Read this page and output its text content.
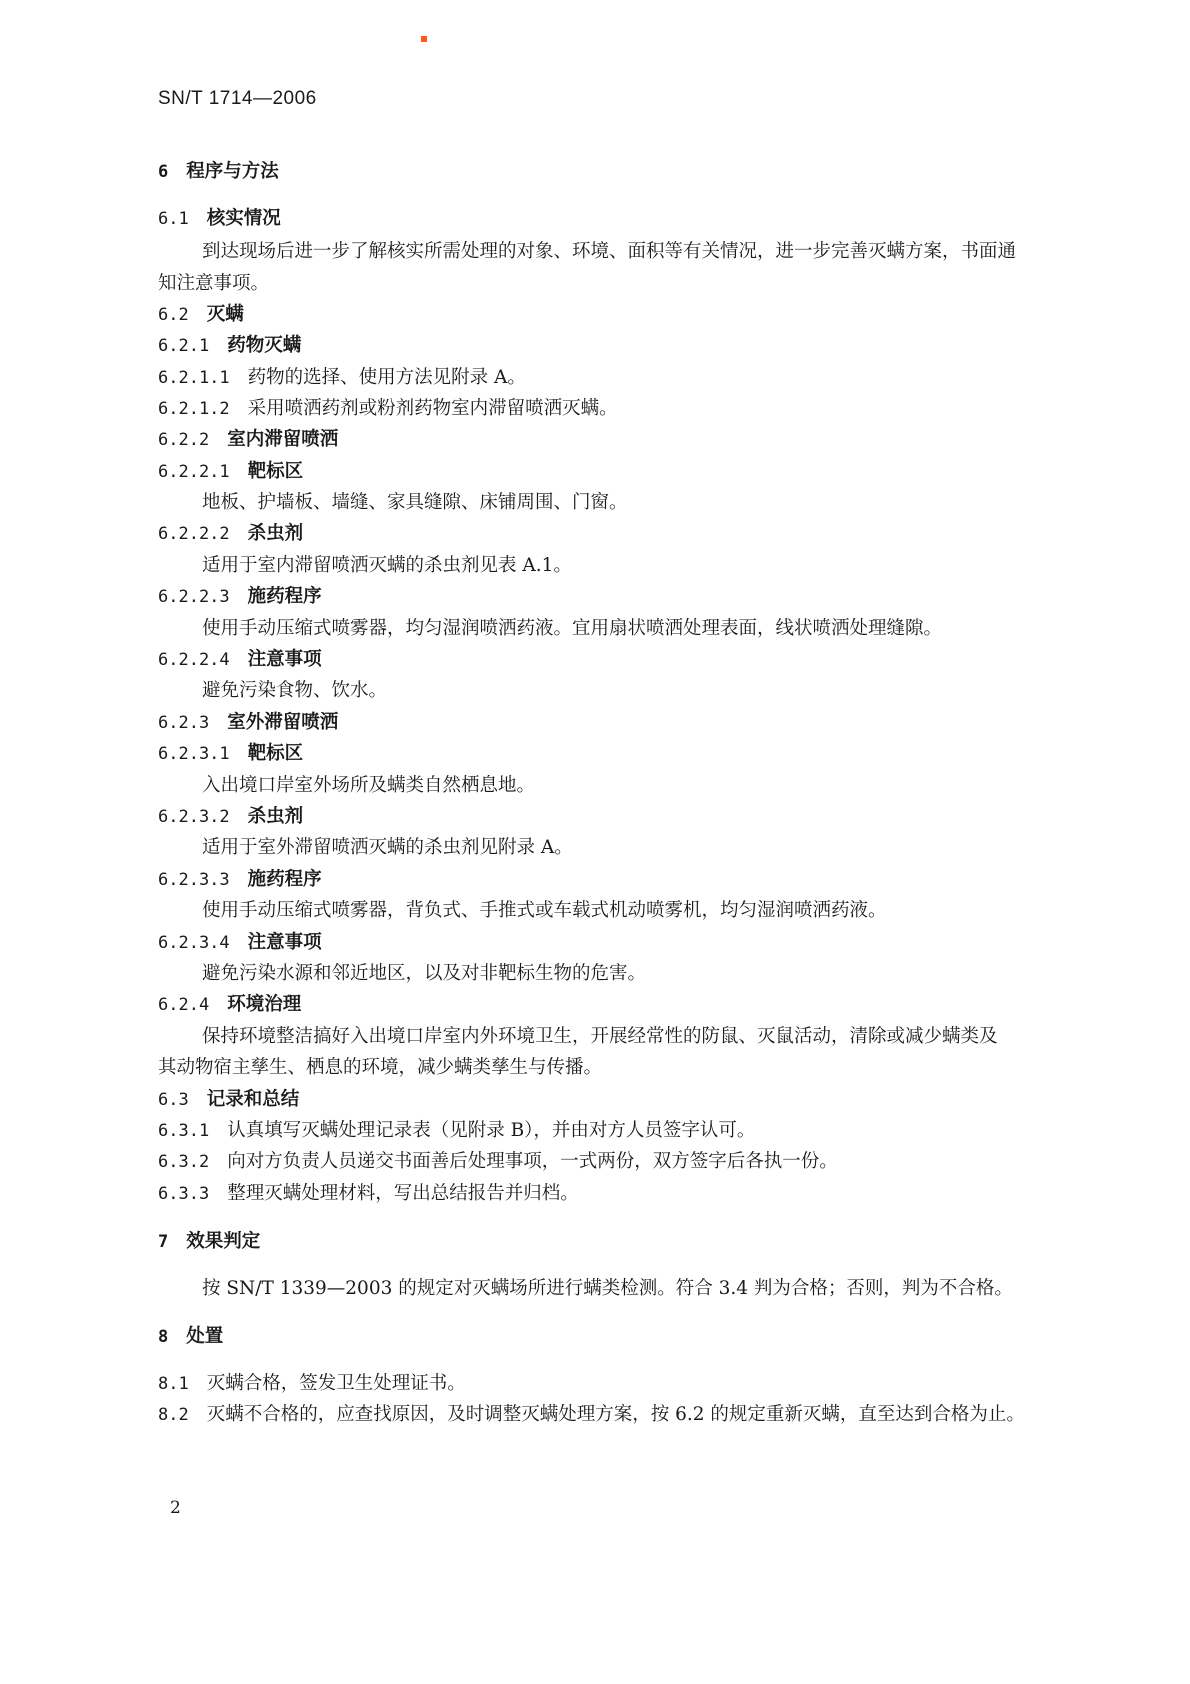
SN/T 1714—2006
6 程序与方法
6.1 核实情况
到达现场后进一步了解核实所需处理的对象、环境、面积等有关情况，进一步完善灭螨方案，书面通
知注意事项。
6.2 灭螨
6.2.1 药物灭螨
6.2.1.1 药物的选择、使用方法见附录 A。
6.2.1.2 采用喷洒药剂或粉剂药物室内滞留喷洒灭螨。
6.2.2 室内滞留喷洒
6.2.2.1 靶标区
地板、护墙板、墙缝、家具缝隙、床铺周围、门窗。
6.2.2.2 杀虫剂
适用于室内滞留喷洒灭螨的杀虫剂见表 A.1。
6.2.2.3 施药程序
使用手动压缩式喷雾器，均匀湿润喷洒药液。宜用扇状喷洒处理表面，线状喷洒处理缝隙。
6.2.2.4 注意事项
避免污染食物、饮水。
6.2.3 室外滞留喷洒
6.2.3.1 靶标区
入出境口岸室外场所及螨类自然栖息地。
6.2.3.2 杀虫剂
适用于室外滞留喷洒灭螨的杀虫剂见附录 A。
6.2.3.3 施药程序
使用手动压缩式喷雾器，背负式、手推式或车载式机动喷雾机，均匀湿润喷洒药液。
6.2.3.4 注意事项
避免污染水源和邻近地区，以及对非靶标生物的危害。
6.2.4 环境治理
保持环境整洁搞好入出境口岸室内外环境卫生，开展经常性的防鼠、灭鼠活动，清除或减少螨类及
其动物宿主孳生、栖息的环境，减少螨类孳生与传播。
6.3 记录和总结
6.3.1 认真填写灭螨处理记录表（见附录 B），并由对方人员签字认可。
6.3.2 向对方负责人员递交书面善后处理事项，一式两份，双方签字后各执一份。
6.3.3 整理灭螨处理材料，写出总结报告并归档。
7 效果判定
按 SN/T 1339—2003 的规定对灭螨场所进行螨类检测。符合 3.4 判为合格；否则，判为不合格。
8 处置
8.1 灭螨合格，签发卫生处理证书。
8.2 灭螨不合格的，应查找原因，及时调整灭螨处理方案，按 6.2 的规定重新灭螨，直至达到合格为止。
2
